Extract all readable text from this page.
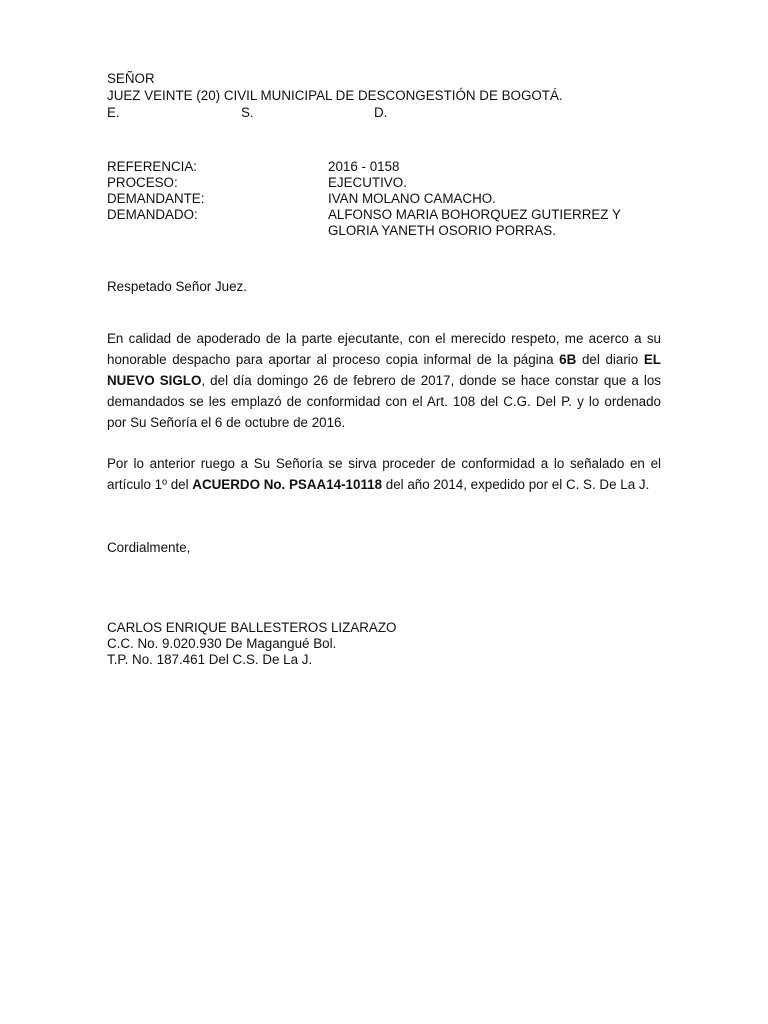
SEÑOR
JUEZ VEINTE (20) CIVIL MUNICIPAL DE DESCONGESTIÓN DE BOGOTÁ.
E.	S.	D.
REFERENCIA:	2016 - 0158
PROCESO:	EJECUTIVO.
DEMANDANTE:	IVAN MOLANO CAMACHO.
DEMANDADO:	ALFONSO MARIA BOHORQUEZ GUTIERREZ Y
GLORIA YANETH OSORIO PORRAS.
Respetado Señor Juez.

En calidad de apoderado de la parte ejecutante, con el merecido respeto, me acerco a su honorable despacho para aportar al proceso copia informal de la página 6B del diario EL NUEVO SIGLO, del día domingo 26 de febrero de 2017, donde se hace constar que a los demandados se les emplazó de conformidad con el Art. 108 del C.G. Del P. y lo ordenado por Su Señoría el 6 de octubre de 2016.

Por lo anterior ruego a Su Señoría se sirva proceder de conformidad a lo señalado en el artículo 1º del ACUERDO No. PSAA14-10118 del año 2014, expedido por el C. S. De La J.

Cordialmente,
CARLOS ENRIQUE BALLESTEROS LIZARAZO
C.C. No. 9.020.930 De Magangué Bol.
T.P. No. 187.461 Del C.S. De La J.
